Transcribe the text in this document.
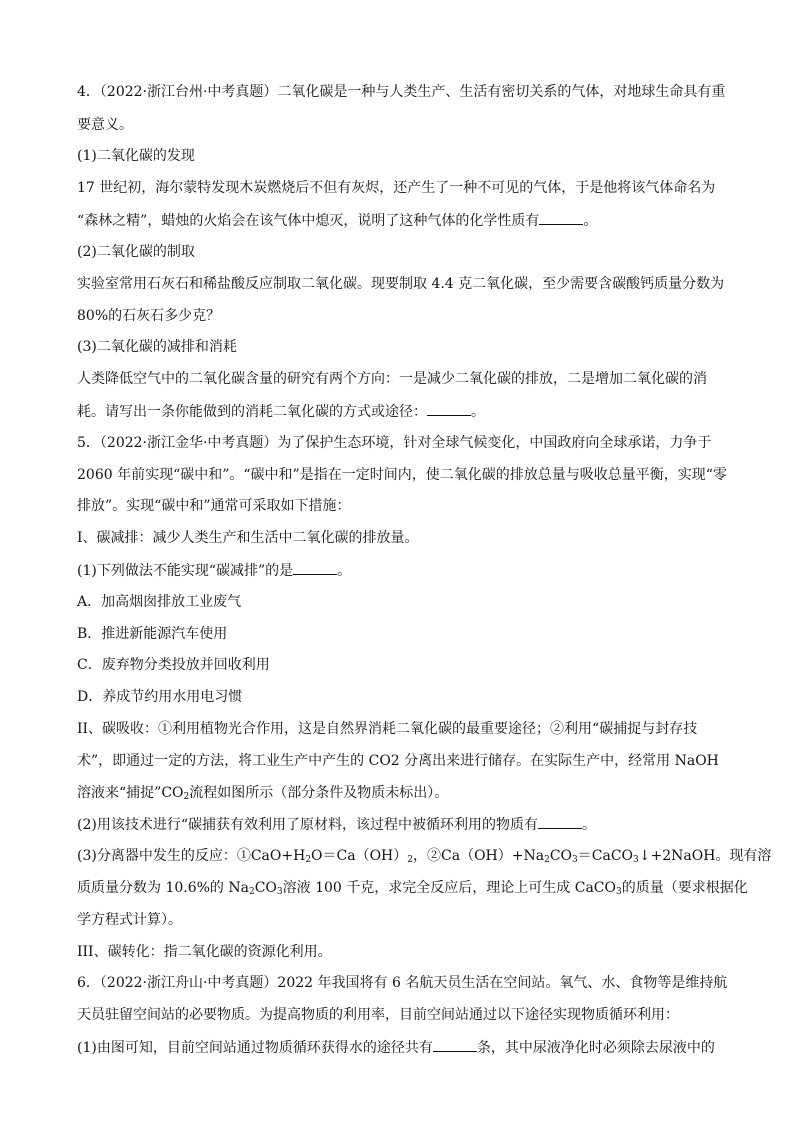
4．（2022·浙江台州·中考真题）二氧化碳是一种与人类生产、生活有密切关系的气体，对地球生命具有重
要意义。
(1)二氧化碳的发现
17 世纪初，海尔蒙特发现木炭燃烧后不但有灰烬，还产生了一种不可见的气体，于是他将该气体命名为
“森林之精”，蜡烛的火焰会在该气体中熄灭，说明了这种气体的化学性质有	。
(2)二氧化碳的制取
实验室常用石灰石和稀盐酸反应制取二氧化碳。现要制取 4.4 克二氧化碳，至少需要含碳酸钙质量分数为
80%的石灰石多少克？
(3)二氧化碳的减排和消耗
人类降低空气中的二氧化碳含量的研究有两个方向：一是减少二氧化碳的排放，二是增加二氧化碳的消
耗。请写出一条你能做到的消耗二氧化碳的方式或途径：	。
5．（2022·浙江金华·中考真题）为了保护生态环境，针对全球气候变化，中国政府向全球承诺，力争于
2060 年前实现“碳中和”。“碳中和”是指在一定时间内，使二氧化碳的排放总量与吸收总量平衡，实现“零
排放”。实现“碳中和”通常可采取如下措施：
I、碳减排：减少人类生产和生活中二氧化碳的排放量。
(1)下列做法不能实现“碳减排”的是	。
A．加高烟囱排放工业废气
B．推进新能源汽车使用
C．废弃物分类投放并回收利用
D．养成节约用水用电习惯
II、碳吸收：①利用植物光合作用，这是自然界消耗二氧化碳的最重要途径；②利用“碳捕捉与封存技
术”，即通过一定的方法，将工业生产中产生的 CO2 分离出来进行储存。在实际生产中，经常用 NaOH
溶液来“捕捉$”CO_2$流程如图所示（部分条件及物质未标出）。
(2)用该技术进行“碳捕获有效利用了原材料，该过程中被循环利用的物质有	。
(3)分离器中发生的反应：$①CaO+H_2O=Ca(OH)_2$，$②Ca(OH)+Na_2CO_3=CaCO_3↓+2NaOH$。现有溶
质质量分数为 10.6%的 $Na_2CO_3$溶液 100 千克，求完全反应后，理论上可生成 CaCO$_3$的质量（要求根据化
学方程式计算）。
III、碳转化：指二氧化碳的资源化利用。
6．（2022·浙江舟山·中考真题）2022 年我国将有 6 名航天员生活在空间站。氧气、水、食物等是维持航
天员驻留空间站的必要物质。为提高物质的利用率，目前空间站通过以下途径实现物质循环利用：
(1)由图可知，目前空间站通过物质循环获得水的途径共有	条，其中尿液净化时必须除去尿液中的
